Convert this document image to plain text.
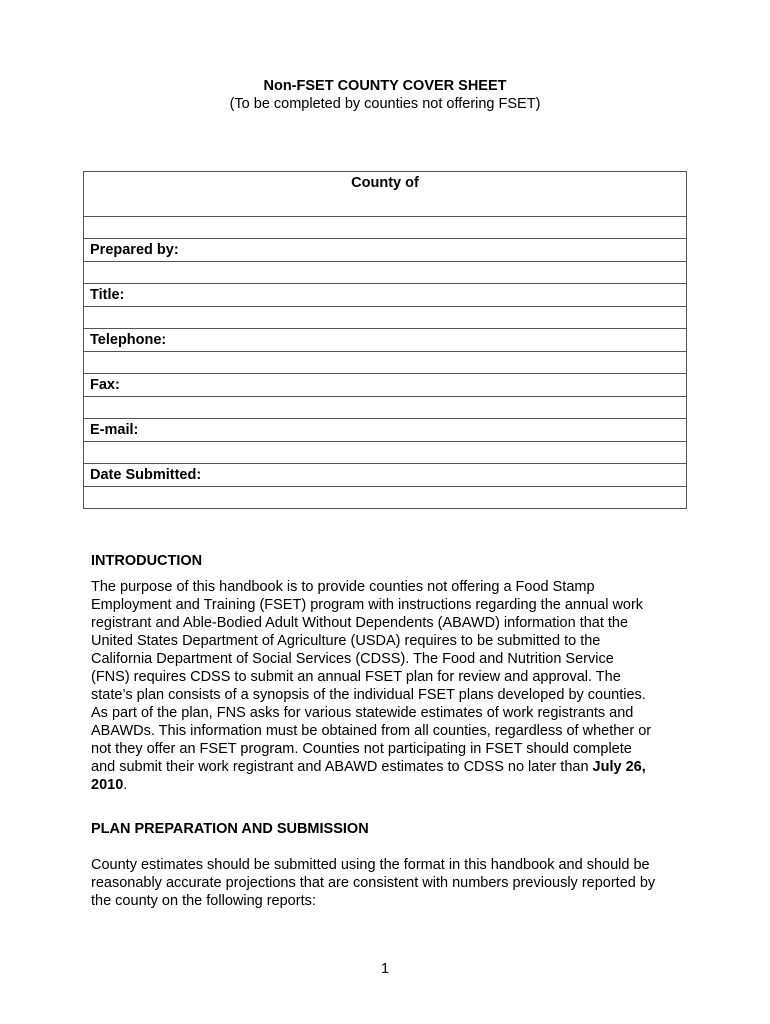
Non-FSET COUNTY COVER SHEET
(To be completed by counties not offering FSET)
County of

Prepared by:

Title:

Telephone:

Fax:

E-mail:

Date Submitted:

INTRODUCTION
The purpose of this handbook is to provide counties not offering a Food Stamp
Employment and Training (FSET) program with instructions regarding the annual work
registrant and Able-Bodied Adult Without Dependents (ABAWD) information that the
United States Department of Agriculture (USDA) requires to be submitted to the
California Department of Social Services (CDSS). The Food and Nutrition Service
(FNS) requires CDSS to submit an annual FSET plan for review and approval. The
state’s plan consists of a synopsis of the individual FSET plans developed by counties.
As part of the plan, FNS asks for various statewide estimates of work registrants and
ABAWDs. This information must be obtained from all counties, regardless of whether or
not they offer an FSET program. Counties not participating in FSET should complete
and submit their work registrant and ABAWD estimates to CDSS no later than July 26,
2010.
PLAN PREPARATION AND SUBMISSION
County estimates should be submitted using the format in this handbook and should be
reasonably accurate projections that are consistent with numbers previously reported by
the county on the following reports:
1
